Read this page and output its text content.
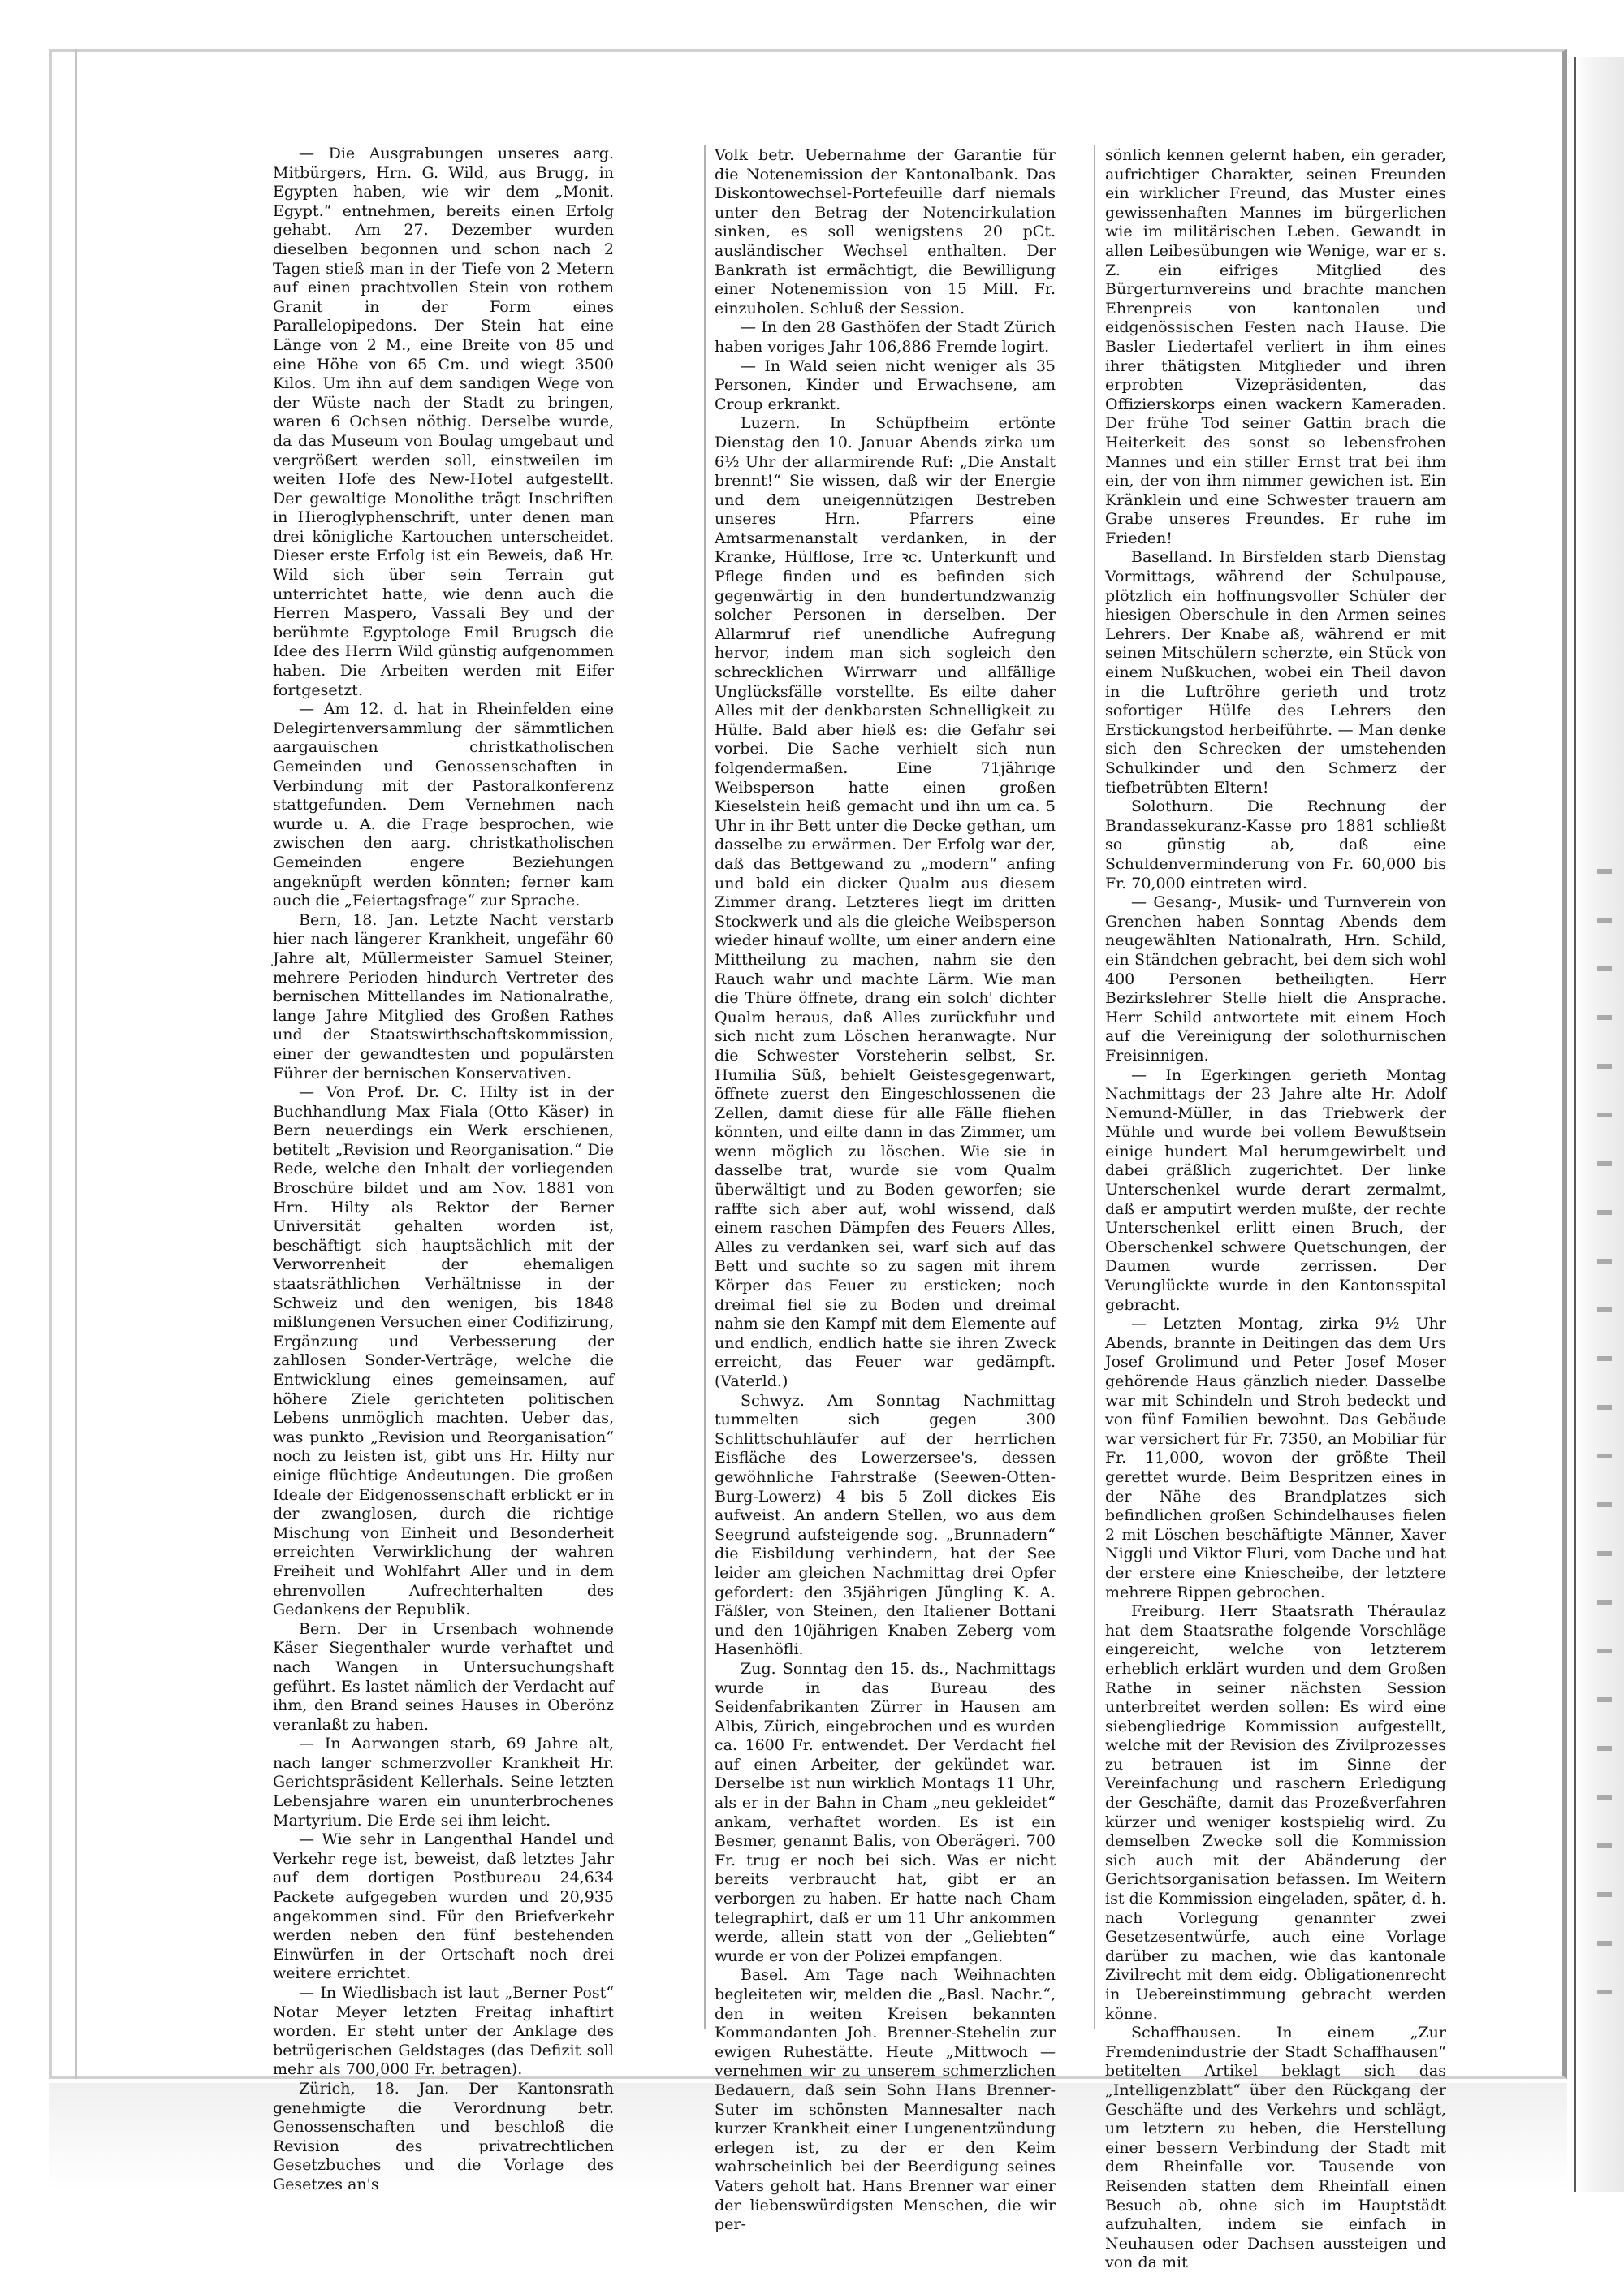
— Die Ausgrabungen unseres aarg. Mitbürgers, Hrn. G. Wild, aus Brugg, in Egypten haben, wie wir dem „Monit. Egypt.“ entnehmen, bereits einen Erfolg gehabt. Am 27. Dezember wurden dieselben begonnen und schon nach 2 Tagen stieß man in der Tiefe von 2 Metern auf einen prachtvollen Stein von rothem Granit in der Form eines Parallelopipedons. Der Stein hat eine Länge von 2 M., eine Breite von 85 und eine Höhe von 65 Cm. und wiegt 3500 Kilos. Um ihn auf dem sandigen Wege von der Wüste nach der Stadt zu bringen, waren 6 Ochsen nöthig. Derselbe wurde, da das Museum von Boulag umgebaut und vergrößert werden soll, einstweilen im weiten Hofe des New-Hotel aufgestellt. Der gewaltige Monolithe trägt Inschriften in Hieroglyphenschrift, unter denen man drei königliche Kartouchen unterscheidet. Dieser erste Erfolg ist ein Beweis, daß Hr. Wild sich über sein Terrain gut unterrichtet hatte, wie denn auch die Herren Maspero, Vassali Bey und der berühmte Egyptologe Emil Brugsch die Idee des Herrn Wild günstig aufgenommen haben. Die Arbeiten werden mit Eifer fortgesetzt.

— Am 12. d. hat in Rheinfelden eine Delegirtenversammlung der sämmtlichen aargauischen christkatholischen Gemeinden und Genossenschaften in Verbindung mit der Pastoralkonferenz stattgefunden. Dem Vernehmen nach wurde u. A. die Frage besprochen, wie zwischen den aarg. christkatholischen Gemeinden engere Beziehungen angeknüpft werden könnten; ferner kam auch die „Feiertagsfrage“ zur Sprache.

Bern, 18. Jan. Letzte Nacht verstarb hier nach längerer Krankheit, ungefähr 60 Jahre alt, Müllermeister Samuel Steiner, mehrere Perioden hindurch Vertreter des bernischen Mittellandes im Nationalrathe, lange Jahre Mitglied des Großen Rathes und der Staatswirthschaftskommission, einer der gewandtesten und populärsten Führer der bernischen Konservativen.

— Von Prof. Dr. C. Hilty ist in der Buchhandlung Max Fiala (Otto Käser) in Bern neuerdings ein Werk erschienen, betitelt „Revision und Reorganisation.“ Die Rede, welche den Inhalt der vorliegenden Broschüre bildet und am Nov. 1881 von Hrn. Hilty als Rektor der Berner Universität gehalten worden ist, beschäftigt sich hauptsächlich mit der Verworrenheit der ehemaligen staatsräthlichen Verhältnisse in der Schweiz und den wenigen, bis 1848 mißlungenen Versuchen einer Codifizirung, Ergänzung und Verbesserung der zahllosen Sonder-Verträge, welche die Entwicklung eines gemeinsamen, auf höhere Ziele gerichteten politischen Lebens unmöglich machten. Ueber das, was punkto „Revision und Reorganisation“ noch zu leisten ist, gibt uns Hr. Hilty nur einige flüchtige Andeutungen. Die großen Ideale der Eidgenossenschaft erblickt er in der zwanglosen, durch die richtige Mischung von Einheit und Besonderheit erreichten Verwirklichung der wahren Freiheit und Wohlfahrt Aller und in dem ehrenvollen Aufrechterhalten des Gedankens der Republik.

Bern. Der in Ursenbach wohnende Käser Siegenthaler wurde verhaftet und nach Wangen in Untersuchungshaft geführt. Es lastet nämlich der Verdacht auf ihm, den Brand seines Hauses in Oberönz veranlaßt zu haben.

— In Aarwangen starb, 69 Jahre alt, nach langer schmerzvoller Krankheit Hr. Gerichtspräsident Kellerhals. Seine letzten Lebensjahre waren ein ununterbrochenes Martyrium. Die Erde sei ihm leicht.

— Wie sehr in Langenthal Handel und Verkehr rege ist, beweist, daß letztes Jahr auf dem dortigen Postbureau 24,634 Packete aufgegeben wurden und 20,935 angekommen sind. Für den Briefverkehr werden neben den fünf bestehenden Einwürfen in der Ortschaft noch drei weitere errichtet.

— In Wiedlisbach ist laut „Berner Post“ Notar Meyer letzten Freitag inhaftirt worden. Er steht unter der Anklage des betrügerischen Geldstages (das Defizit soll mehr als 700,000 Fr. betragen).

Zürich, 18. Jan. Der Kantonsrath genehmigte die Verordnung betr. Genossenschaften und beschloß die Revision des privatrechtlichen Gesetzbuches und die Vorlage des Gesetzes an's

Volk betr. Uebernahme der Garantie für die Notenemission der Kantonalbank. Das Diskontowechsel-Portefeuille darf niemals unter den Betrag der Notencirkulation sinken, es soll wenigstens 20 pCt. ausländischer Wechsel enthalten. Der Bankrath ist ermächtigt, die Bewilligung einer Notenemission von 15 Mill. Fr. einzuholen. Schluß der Session.

— In den 28 Gasthöfen der Stadt Zürich haben voriges Jahr 106,886 Fremde logirt.

— In Wald seien nicht weniger als 35 Personen, Kinder und Erwachsene, am Croup erkrankt.

Luzern. In Schüpfheim ertönte Dienstag den 10. Januar Abends zirka um 6½ Uhr der allarmirende Ruf: „Die Anstalt brennt!“ Sie wissen, daß wir der Energie und dem uneigennützigen Bestreben unseres Hrn. Pfarrers eine Amtsarmenanstalt verdanken, in der Kranke, Hülflose, Irre ꝛc. Unterkunft und Pflege finden und es befinden sich gegenwärtig in den hundertundzwanzig solcher Personen in derselben. Der Allarmruf rief unendliche Aufregung hervor, indem man sich sogleich den schrecklichen Wirrwarr und allfällige Unglücksfälle vorstellte. Es eilte daher Alles mit der denkbarsten Schnelligkeit zu Hülfe. Bald aber hieß es: die Gefahr sei vorbei. Die Sache verhielt sich nun folgendermaßen. Eine 71jährige Weibsperson hatte einen großen Kieselstein heiß gemacht und ihn um ca. 5 Uhr in ihr Bett unter die Decke gethan, um dasselbe zu erwärmen. Der Erfolg war der, daß das Bettgewand zu „modern“ anfing und bald ein dicker Qualm aus diesem Zimmer drang. Letzteres liegt im dritten Stockwerk und als die gleiche Weibsperson wieder hinauf wollte, um einer andern eine Mittheilung zu machen, nahm sie den Rauch wahr und machte Lärm. Wie man die Thüre öffnete, drang ein solch' dichter Qualm heraus, daß Alles zurückfuhr und sich nicht zum Löschen heranwagte. Nur die Schwester Vorsteherin selbst, Sr. Humilia Süß, behielt Geistesgegenwart, öffnete zuerst den Eingeschlossenen die Zellen, damit diese für alle Fälle fliehen könnten, und eilte dann in das Zimmer, um wenn möglich zu löschen. Wie sie in dasselbe trat, wurde sie vom Qualm überwältigt und zu Boden geworfen; sie raffte sich aber auf, wohl wissend, daß einem raschen Dämpfen des Feuers Alles, Alles zu verdanken sei, warf sich auf das Bett und suchte so zu sagen mit ihrem Körper das Feuer zu ersticken; noch dreimal fiel sie zu Boden und dreimal nahm sie den Kampf mit dem Elemente auf und endlich, endlich hatte sie ihren Zweck erreicht, das Feuer war gedämpft. (Vaterld.)

Schwyz. Am Sonntag Nachmittag tummelten sich gegen 300 Schlittschuhläufer auf der herrlichen Eisfläche des Lowerzersee's, dessen gewöhnliche Fahrstraße (Seewen-Otten-Burg-Lowerz) 4 bis 5 Zoll dickes Eis aufweist. An andern Stellen, wo aus dem Seegrund aufsteigende sog. „Brunnadern“ die Eisbildung verhindern, hat der See leider am gleichen Nachmittag drei Opfer gefordert: den 35jährigen Jüngling K. A. Fäßler, von Steinen, den Italiener Bottani und den 10jährigen Knaben Zeberg vom Hasenhöfli.

Zug. Sonntag den 15. ds., Nachmittags wurde in das Bureau des Seidenfabrikanten Zürrer in Hausen am Albis, Zürich, eingebrochen und es wurden ca. 1600 Fr. entwendet. Der Verdacht fiel auf einen Arbeiter, der gekündet war. Derselbe ist nun wirklich Montags 11 Uhr, als er in der Bahn in Cham „neu gekleidet“ ankam, verhaftet worden. Es ist ein Besmer, genannt Balis, von Oberägeri. 700 Fr. trug er noch bei sich. Was er nicht bereits verbraucht hat, gibt er an verborgen zu haben. Er hatte nach Cham telegraphirt, daß er um 11 Uhr ankommen werde, allein statt von der „Geliebten“ wurde er von der Polizei empfangen.

Basel. Am Tage nach Weihnachten begleiteten wir, melden die „Basl. Nachr.“, den in weiten Kreisen bekannten Kommandanten Joh. Brenner-Stehelin zur ewigen Ruhestätte. Heute „Mittwoch — vernehmen wir zu unserem schmerzlichen Bedauern, daß sein Sohn Hans Brenner-Suter im schönsten Mannesalter nach kurzer Krankheit einer Lungenentzündung erlegen ist, zu der er den Keim wahrscheinlich bei der Beerdigung seines Vaters geholt hat. Hans Brenner war einer der liebenswürdigsten Menschen, die wir per-

sönlich kennen gelernt haben, ein gerader, aufrichtiger Charakter, seinen Freunden ein wirklicher Freund, das Muster eines gewissenhaften Mannes im bürgerlichen wie im militärischen Leben. Gewandt in allen Leibesübungen wie Wenige, war er s. Z. ein eifriges Mitglied des Bürgerturnvereins und brachte manchen Ehrenpreis von kantonalen und eidgenössischen Festen nach Hause. Die Basler Liedertafel verliert in ihm eines ihrer thätigsten Mitglieder und ihren erprobten Vizepräsidenten, das Offizierskorps einen wackern Kameraden. Der frühe Tod seiner Gattin brach die Heiterkeit des sonst so lebensfrohen Mannes und ein stiller Ernst trat bei ihm ein, der von ihm nimmer gewichen ist. Ein Kränklein und eine Schwester trauern am Grabe unseres Freundes. Er ruhe im Frieden!

Baselland. In Birsfelden starb Dienstag Vormittags, während der Schulpause, plötzlich ein hoffnungsvoller Schüler der hiesigen Oberschule in den Armen seines Lehrers. Der Knabe aß, während er mit seinen Mitschülern scherzte, ein Stück von einem Nußkuchen, wobei ein Theil davon in die Luftröhre gerieth und trotz sofortiger Hülfe des Lehrers den Erstickungstod herbeiführte. — Man denke sich den Schrecken der umstehenden Schulkinder und den Schmerz der tiefbetrübten Eltern!

Solothurn. Die Rechnung der Brandassekuranz-Kasse pro 1881 schließt so günstig ab, daß eine Schuldenverminderung von Fr. 60,000 bis Fr. 70,000 eintreten wird.

— Gesang-, Musik- und Turnverein von Grenchen haben Sonntag Abends dem neugewählten Nationalrath, Hrn. Schild, ein Ständchen gebracht, bei dem sich wohl 400 Personen betheiligten. Herr Bezirkslehrer Stelle hielt die Ansprache. Herr Schild antwortete mit einem Hoch auf die Vereinigung der solothurnischen Freisinnigen.

— In Egerkingen gerieth Montag Nachmittags der 23 Jahre alte Hr. Adolf Nemund-Müller, in das Triebwerk der Mühle und wurde bei vollem Bewußtsein einige hundert Mal herumgewirbelt und dabei gräßlich zugerichtet. Der linke Unterschenkel wurde derart zermalmt, daß er amputirt werden mußte, der rechte Unterschenkel erlitt einen Bruch, der Oberschenkel schwere Quetschungen, der Daumen wurde zerrissen. Der Verunglückte wurde in den Kantonsspital gebracht.

— Letzten Montag, zirka 9½ Uhr Abends, brannte in Deitingen das dem Urs Josef Grolimund und Peter Josef Moser gehörende Haus gänzlich nieder. Dasselbe war mit Schindeln und Stroh bedeckt und von fünf Familien bewohnt. Das Gebäude war versichert für Fr. 7350, an Mobiliar für Fr. 11,000, wovon der größte Theil gerettet wurde. Beim Bespritzen eines in der Nähe des Brandplatzes sich befindlichen großen Schindelhauses fielen 2 mit Löschen beschäftigte Männer, Xaver Niggli und Viktor Fluri, vom Dache und hat der erstere eine Kniescheibe, der letztere mehrere Rippen gebrochen.

Freiburg. Herr Staatsrath Théraulaz hat dem Staatsrathe folgende Vorschläge eingereicht, welche von letzterem erheblich erklärt wurden und dem Großen Rathe in seiner nächsten Session unterbreitet werden sollen: Es wird eine siebengliedrige Kommission aufgestellt, welche mit der Revision des Zivilprozesses zu betrauen ist im Sinne der Vereinfachung und raschern Erledigung der Geschäfte, damit das Prozeßverfahren kürzer und weniger kostspielig wird. Zu demselben Zwecke soll die Kommission sich auch mit der Abänderung der Gerichtsorganisation befassen. Im Weitern ist die Kommission eingeladen, später, d. h. nach Vorlegung genannter zwei Gesetzesentwürfe, auch eine Vorlage darüber zu machen, wie das kantonale Zivilrecht mit dem eidg. Obligationenrecht in Uebereinstimmung gebracht werden könne.

Schaffhausen. In einem „Zur Fremdenindustrie der Stadt Schaffhausen“ betitelten Artikel beklagt sich das „Intelligenzblatt“ über den Rückgang der Geschäfte und des Verkehrs und schlägt, um letztern zu heben, die Herstellung einer bessern Verbindung der Stadt mit dem Rheinfalle vor. Tausende von Reisenden statten dem Rheinfall einen Besuch ab, ohne sich im Hauptstädt aufzuhalten, indem sie einfach in Neuhausen oder Dachsen aussteigen und von da mit
